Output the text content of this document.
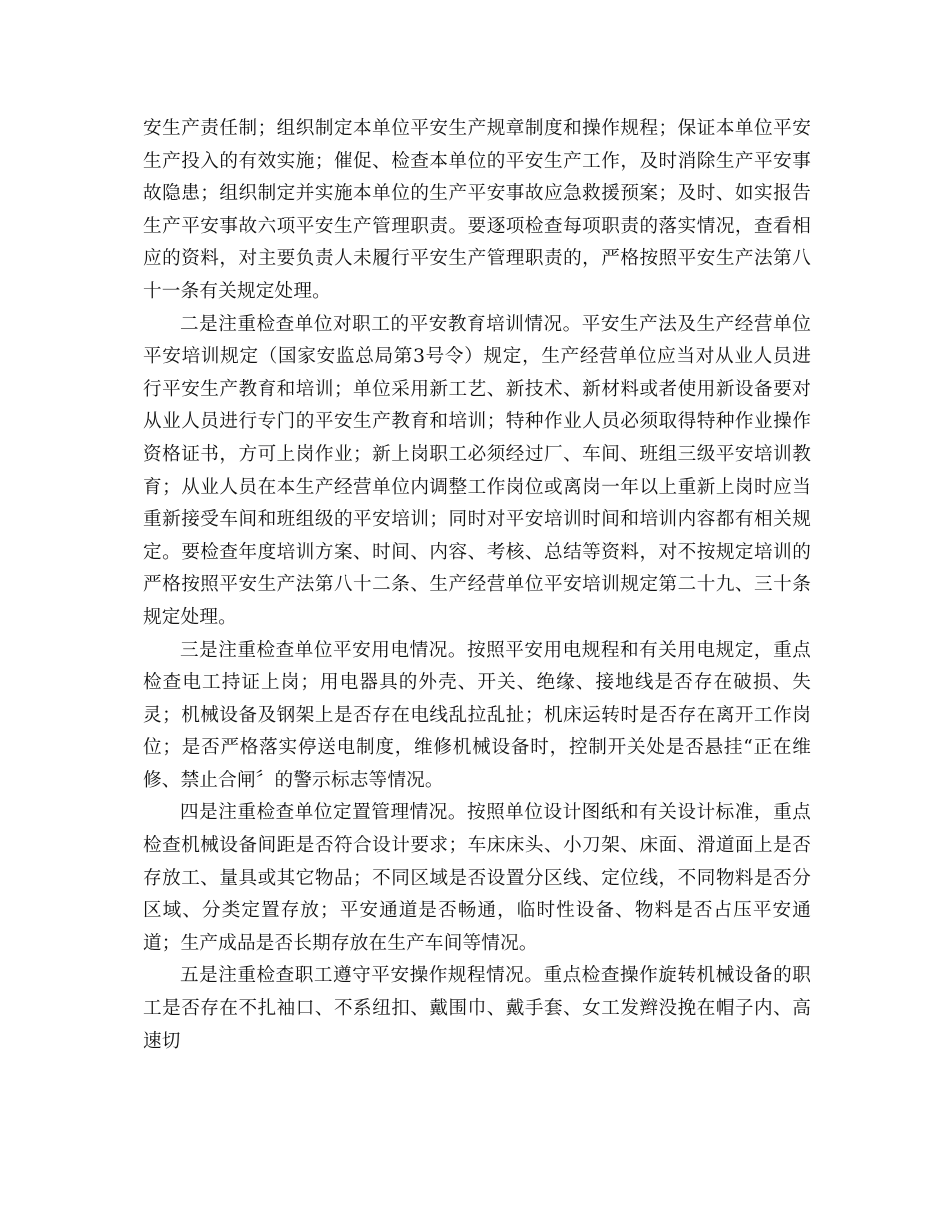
安生产责任制；组织制定本单位平安生产规章制度和操作规程；保证本单位平安生产投入的有效实施；催促、检查本单位的平安生产工作，及时消除生产平安事故隐患；组织制定并实施本单位的生产平安事故应急救援预案；及时、如实报告生产平安事故六项平安生产管理职责。要逐项检查每项职责的落实情况，查看相应的资料，对主要负责人未履行平安生产管理职责的，严格按照平安生产法第八十一条有关规定处理。

二是注重检查单位对职工的平安教育培训情况。平安生产法及生产经营单位平安培训规定（国家安监总局第3号令）规定，生产经营单位应当对从业人员进行平安生产教育和培训；单位采用新工艺、新技术、新材料或者使用新设备要对从业人员进行专门的平安生产教育和培训；特种作业人员必须取得特种作业操作资格证书，方可上岗作业；新上岗职工必须经过厂、车间、班组三级平安培训教育；从业人员在本生产经营单位内调整工作岗位或离岗一年以上重新上岗时应当重新接受车间和班组级的平安培训；同时对平安培训时间和培训内容都有相关规定。要检查年度培训方案、时间、内容、考核、总结等资料，对不按规定培训的严格按照平安生产法第八十二条、生产经营单位平安培训规定第二十九、三十条规定处理。

三是注重检查单位平安用电情况。按照平安用电规程和有关用电规定，重点检查电工持证上岗；用电器具的外壳、开关、绝缘、接地线是否存在破损、失灵；机械设备及钢架上是否存在电线乱拉乱扯；机床运转时是否存在离开工作岗位；是否严格落实停送电制度，维修机械设备时，控制开关处是否悬挂“正在维修、禁止合闸〞的警示标志等情况。

四是注重检查单位定置管理情况。按照单位设计图纸和有关设计标准，重点检查机械设备间距是否符合设计要求；车床床头、小刀架、床面、滑道面上是否存放工、量具或其它物品；不同区域是否设置分区线、定位线，不同物料是否分区域、分类定置存放；平安通道是否畅通，临时性设备、物料是否占压平安通道；生产成品是否长期存放在生产车间等情况。

五是注重检查职工遵守平安操作规程情况。重点检查操作旋转机械设备的职工是否存在不扎袖口、不系纽扣、戴围巾、戴手套、女工发辫没挽在帽子内、高速切
